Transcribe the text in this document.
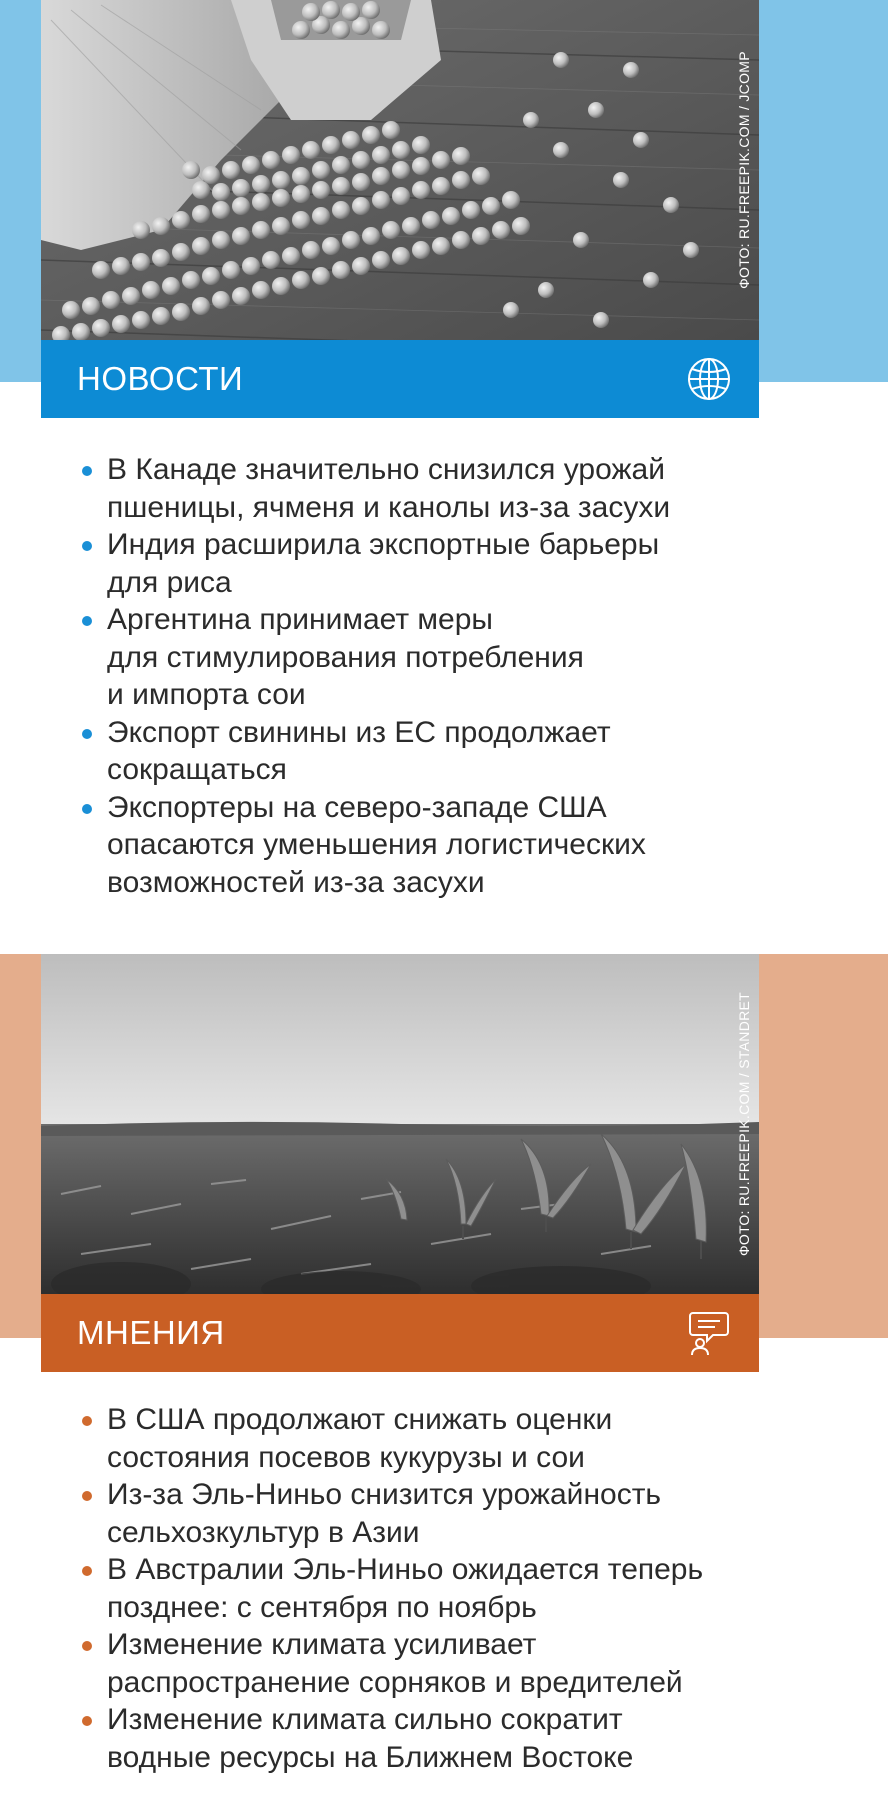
ФОТО: RU.FREEPIK.COM / JCOMP
НОВОСТИ
В Канаде значительно снизился урожай
пшеницы, ячменя и канолы из-за засухи
Индия расширила экспортные барьеры
для риса
Аргентина принимает меры
для стимулирования потребления
и импорта сои
Экспорт свинины из ЕС продолжает
сокращаться
Экспортеры на северо-западе США
опасаются уменьшения логистических
возможностей из-за засухи
ФОТО: RU.FREEPIK.COM / STANDRET
МНЕНИЯ
В США продолжают снижать оценки
состояния посевов кукурузы и сои
Из-за Эль-Ниньо снизится урожайность
сельхозкультур в Азии
В Австралии Эль-Ниньо ожидается теперь
позднее: с сентября по ноябрь
Изменение климата усиливает
распространение сорняков и вредителей
Изменение климата сильно сократит
водные ресурсы на Ближнем Востоке
